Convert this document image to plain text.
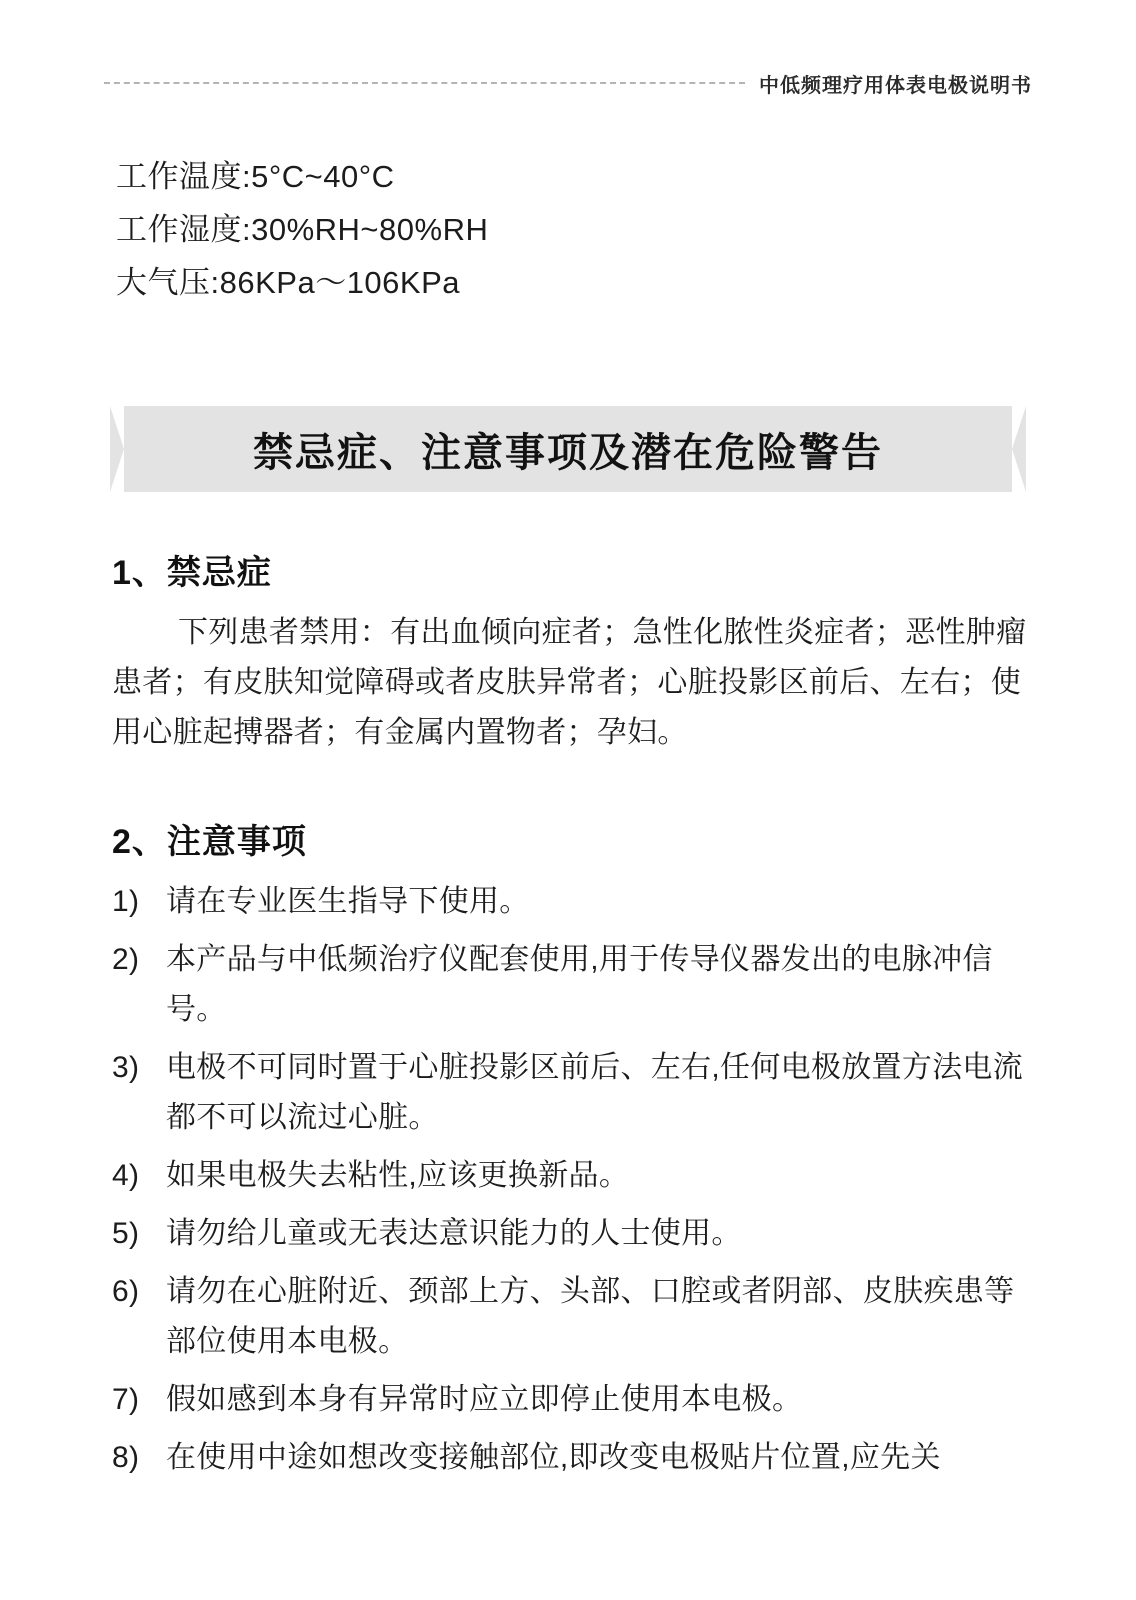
中低频理疗用体表电极说明书
工作温度:5°C~40°C
工作湿度:30%RH~80%RH
大气压:86KPa～106KPa
禁忌症、注意事项及潜在危险警告
1、禁忌症

下列患者禁用：有出血倾向症者；急性化脓性炎症者；恶性肿瘤患者；有皮肤知觉障碍或者皮肤异常者；心脏投影区前后、左右；使用心脏起搏器者；有金属内置物者；孕妇。

2、注意事项
1) 请在专业医生指导下使用。
2) 本产品与中低频治疗仪配套使用,用于传导仪器发出的电脉冲信号。
3) 电极不可同时置于心脏投影区前后、左右,任何电极放置方法电流都不可以流过心脏。
4) 如果电极失去粘性,应该更换新品。
5) 请勿给儿童或无表达意识能力的人士使用。
6) 请勿在心脏附近、颈部上方、头部、口腔或者阴部、皮肤疾患等部位使用本电极。
7) 假如感到本身有异常时应立即停止使用本电极。
8) 在使用中途如想改变接触部位,即改变电极贴片位置,应先关
